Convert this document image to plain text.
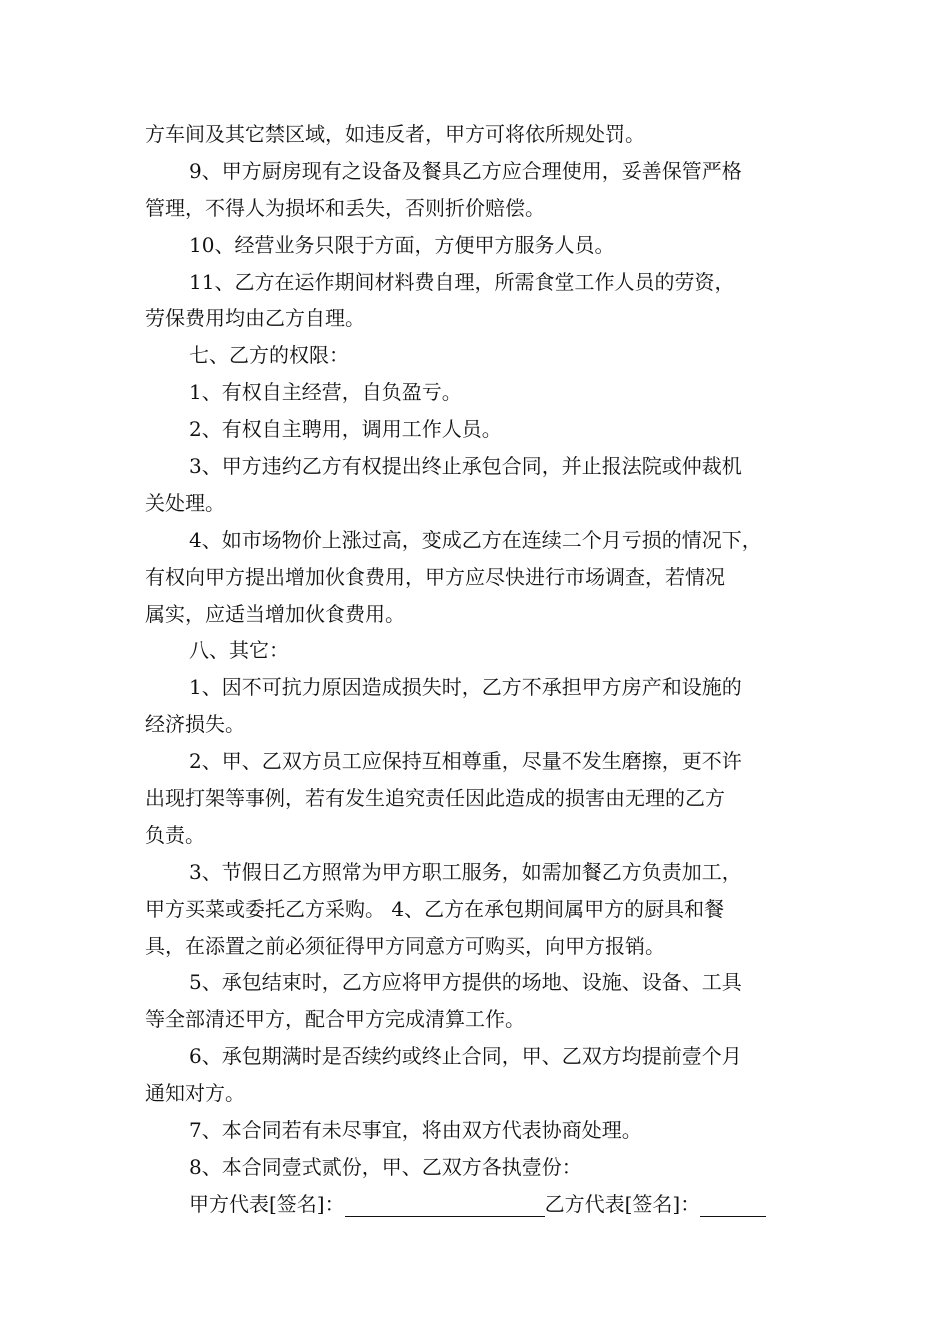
方车间及其它禁区域，如违反者，甲方可将依所规处罚。
9、甲方厨房现有之设备及餐具乙方应合理使用，妥善保管严格
管理，不得人为损坏和丢失，否则折价赔偿。
10、经营业务只限于方面，方便甲方服务人员。
11、乙方在运作期间材料费自理，所需食堂工作人员的劳资，
劳保费用均由乙方自理。
七、乙方的权限：
1、有权自主经营，自负盈亏。
2、有权自主聘用，调用工作人员。
3、甲方违约乙方有权提出终止承包合同，并止报法院或仲裁机
关处理。
4、如市场物价上涨过高，变成乙方在连续二个月亏损的情况下，
有权向甲方提出增加伙食费用，甲方应尽快进行市场调查，若情况
属实，应适当增加伙食费用。
八、其它：
1、因不可抗力原因造成损失时，乙方不承担甲方房产和设施的
经济损失。
2、甲、乙双方员工应保持互相尊重，尽量不发生磨擦，更不许
出现打架等事例，若有发生追究责任因此造成的损害由无理的乙方
负责。
3、节假日乙方照常为甲方职工服务，如需加餐乙方负责加工，
甲方买菜或委托乙方采购。 4、乙方在承包期间属甲方的厨具和餐
具，在添置之前必须征得甲方同意方可购买，向甲方报销。
5、承包结束时，乙方应将甲方提供的场地、设施、设备、工具
等全部清还甲方，配合甲方完成清算工作。
6、承包期满时是否续约或终止合同，甲、乙双方均提前壹个月
通知对方。
7、本合同若有未尽事宜，将由双方代表协商处理。
8、本合同壹式贰份，甲、乙双方各执壹份：
甲方代表[签名]：	乙方代表[签名]：
